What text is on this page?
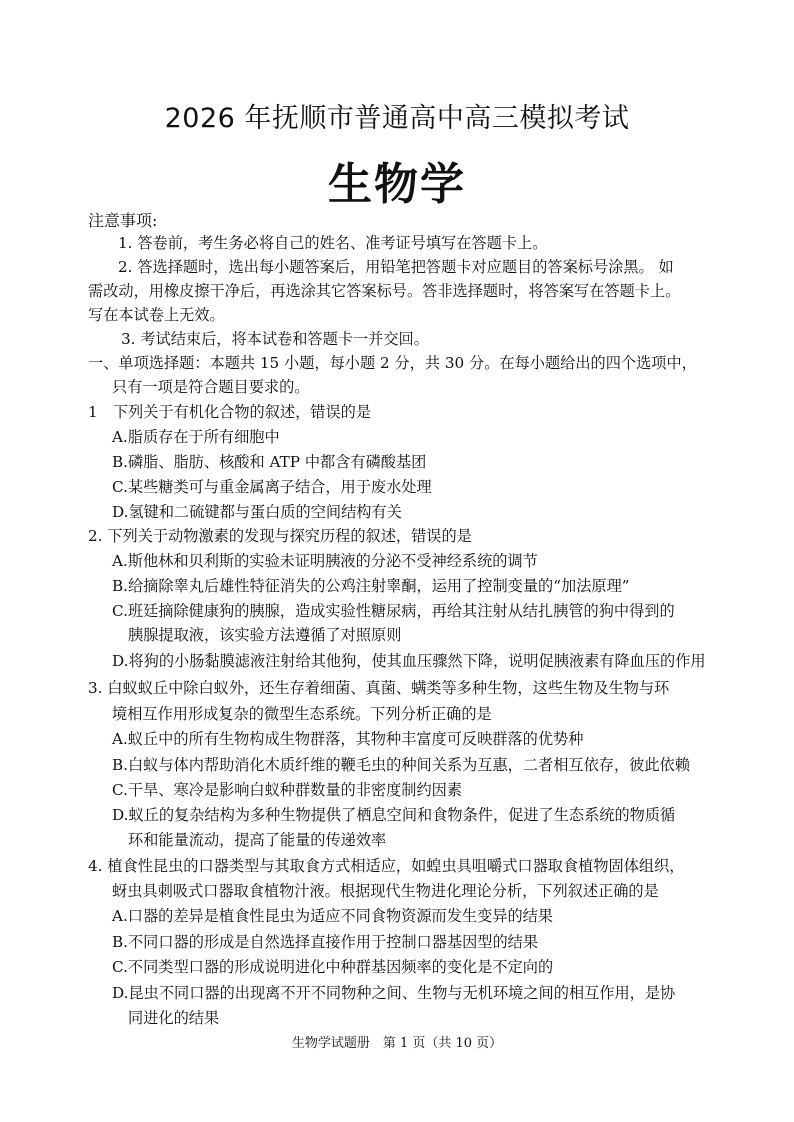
2026 年抚顺市普通高中高三模拟考试
生物学

注意事项:

1. 答卷前，考生务必将自己的姓名、准考证号填写在答题卡上。

2. 答选择题时，选出每小题答案后，用铅笔把答题卡对应题目的答案标号涂黑。 如

需改动，用橡皮擦干净后，再选涂其它答案标号。答非选择题时，将答案写在答题卡上。

写在本试卷上无效。

3. 考试结束后，将本试卷和答题卡一并交回。

一、单项选择题：本题共 15 小题，每小题 2 分，共 30 分。在每小题给出的四个选项中，

只有一项是符合题目要求的。

1　下列关于有机化合物的叙述，错误的是

A.脂质存在于所有细胞中

B.磷脂、脂肪、核酸和 ATP 中都含有磷酸基团

C.某些糖类可与重金属离子结合，用于废水处理

D.氢键和二硫键都与蛋白质的空间结构有关

2. 下列关于动物激素的发现与探究历程的叙述，错误的是

A.斯他林和贝利斯的实验未证明胰液的分泌不受神经系统的调节

B.给摘除睾丸后雄性特征消失的公鸡注射睾酮，运用了控制变量的“加法原理”

C.班廷摘除健康狗的胰腺，造成实验性糖尿病，再给其注射从结扎胰管的狗中得到的

胰腺提取液，该实验方法遵循了对照原则

D.将狗的小肠黏膜滤液注射给其他狗，使其血压骤然下降，说明促胰液素有降血压的作用

3. 白蚁蚁丘中除白蚁外，还生存着细菌、真菌、螨类等多种生物，这些生物及生物与环

境相互作用形成复杂的微型生态系统。下列分析正确的是

A.蚁丘中的所有生物构成生物群落，其物种丰富度可反映群落的优势种

B.白蚁与体内帮助消化木质纤维的鞭毛虫的种间关系为互惠，二者相互依存，彼此依赖

C.干旱、寒冷是影响白蚁种群数量的非密度制约因素

D.蚁丘的复杂结构为多种生物提供了栖息空间和食物条件，促进了生态系统的物质循

环和能量流动，提高了能量的传递效率

4. 植食性昆虫的口器类型与其取食方式相适应，如蝗虫具咀嚼式口器取食植物固体组织，

蚜虫具刺吸式口器取食植物汁液。根据现代生物进化理论分析，下列叙述正确的是

A.口器的差异是植食性昆虫为适应不同食物资源而发生变异的结果

B.不同口器的形成是自然选择直接作用于控制口器基因型的结果

C.不同类型口器的形成说明进化中种群基因频率的变化是不定向的

D.昆虫不同口器的出现离不开不同物种之间、生物与无机环境之间的相互作用，是协

同进化的结果

生物学试题册　第 1 页（共 10 页）
